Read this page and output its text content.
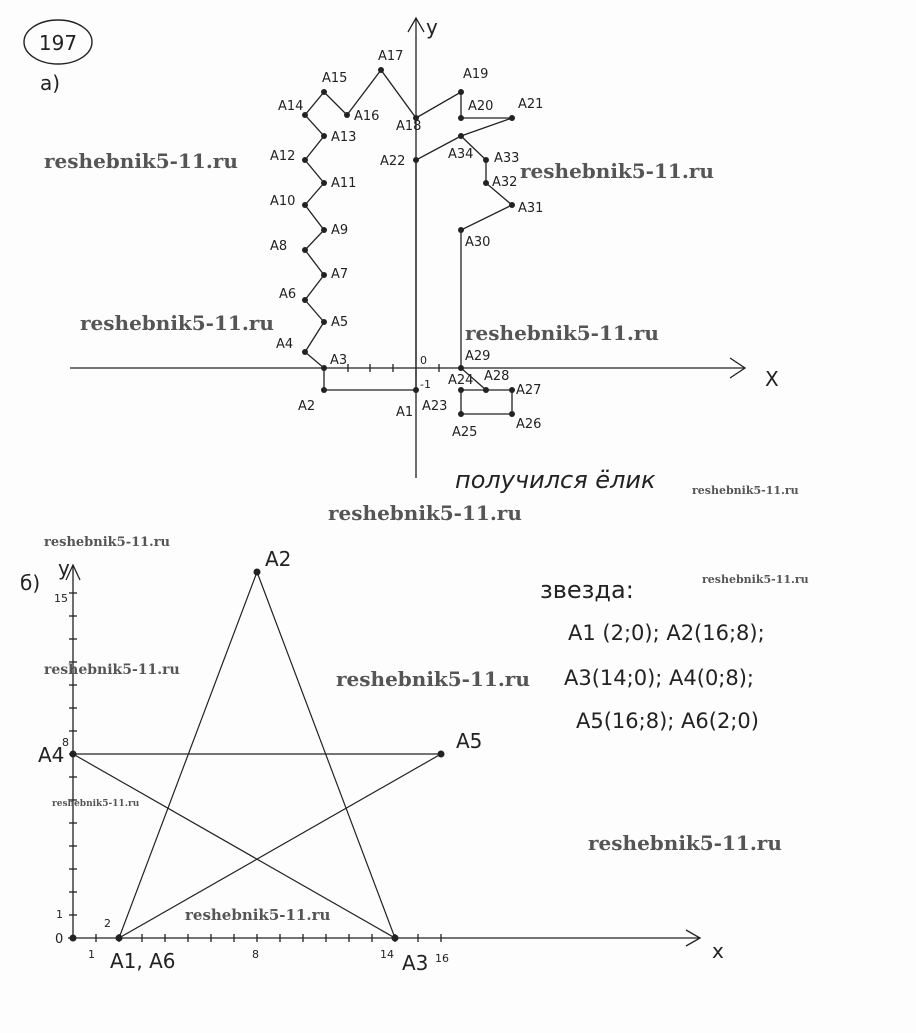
197
а)
X
y
0
-1
A1
A2
A3
A4
A5
A6
A7
A8
A9
A10
A11
A12
A13
A14
A15
A16
A17
A18
A19
A20 A21
A22
A23
A24
A25
A26
A27
A28
A29
A30
A31
A32
A33
A34
получился ёлик
б)
x
y
0
1
2
8	14	16
1
8
15
A1, A6
A2
A3
A4
A5
звезда:
A1 (2;0); A2(16;8);
A3(14;0); A4(0;8);
A5(16;8); A6(2;0)
reshebnik5-11.ru	reshebnik5-11.ru
reshebnik5-11.ru	reshebnik5-11.ru
reshebnik5-11.ru
reshebnik5-11.ru
reshebnik5-11.ru
reshebnik5-11.ru
reshebnik5-11.ru	reshebnik5-11.ru
reshebnik5-11.ru
reshebnik5-11.ru
reshebnik5-11.ru
